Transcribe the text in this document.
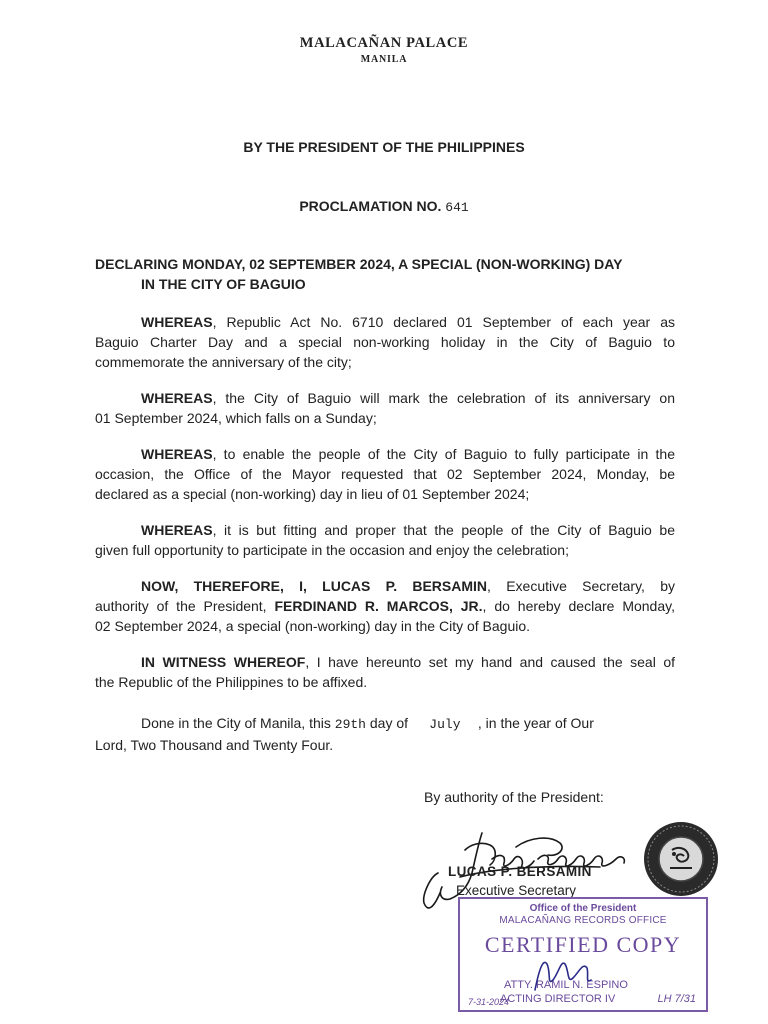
MALACAÑAN PALACE
MANILA
BY THE PRESIDENT OF THE PHILIPPINES
PROCLAMATION NO. 641
DECLARING MONDAY, 02 SEPTEMBER 2024, A SPECIAL (NON-WORKING) DAY
IN THE CITY OF BAGUIO
WHEREAS, Republic Act No. 6710 declared 01 September of each year as
Baguio Charter Day and a special non-working holiday in the City of Baguio to
commemorate the anniversary of the city;
WHEREAS, the City of Baguio will mark the celebration of its anniversary on
01 September 2024, which falls on a Sunday;
WHEREAS, to enable the people of the City of Baguio to fully participate in the
occasion, the Office of the Mayor requested that 02 September 2024, Monday, be
declared as a special (non-working) day in lieu of 01 September 2024;
WHEREAS, it is but fitting and proper that the people of the City of Baguio be
given full opportunity to participate in the occasion and enjoy the celebration;
NOW, THEREFORE, I, LUCAS P. BERSAMIN, Executive Secretary, by
authority of the President, FERDINAND R. MARCOS, JR., do hereby declare Monday,
02 September 2024, a special (non-working) day in the City of Baguio.
IN WITNESS WHEREOF, I have hereunto set my hand and caused the seal of
the Republic of the Philippines to be affixed.
Done in the City of Manila, this 29th day of July , in the year of Our
Lord, Two Thousand and Twenty Four.
By authority of the President:
LUCAS P. BERSAMIN
Executive Secretary
Office of the President
MALACAÑANG RECORDS OFFICE
CERTIFIED COPY
ATTY. RAMIL N. ESPINO
ACTING DIRECTOR IV
7-31-2024	LH 7/31
